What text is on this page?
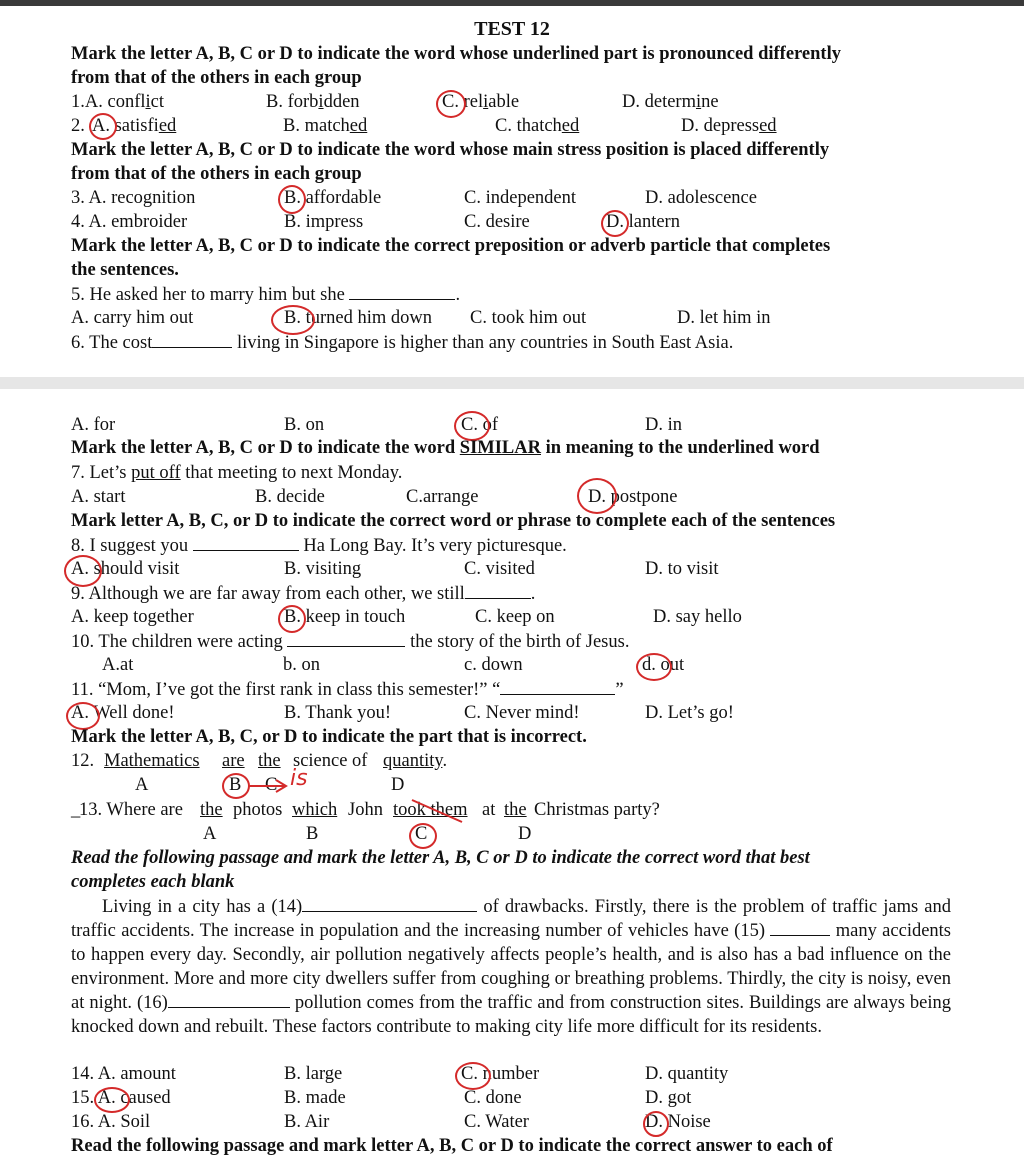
TEST 12
Mark the letter A, B, C or D to indicate the word whose underlined part is pronounced differently
from that of the others in each group
1.A. conflict	B. forbidden	C. reliable	D. determine
2. A. satisfied	B. matched	C. thatched	D. depressed
Mark the letter A, B, C or D to indicate the word whose main stress position is placed differently
from that of the others in each group
3. A. recognition	B. affordable	C. independent	D. adolescence
4. A. embroider	B. impress	C. desire	D. lantern
Mark the letter A, B, C or D to indicate the correct preposition or adverb particle that completes
the sentences.
5. He asked her to marry him but she	.
A. carry him out	B. turned him down C. took him out	D. let him in
6. The cost	living in Singapore is higher than any countries in South East Asia.
A. for	B. on	C. of	D. in
Mark the letter A, B, C or D to indicate the word SIMILAR in meaning to the underlined word
7. Let’s put off that meeting to next Monday.
A. start	B. decide	C.arrange	D. postpone
Mark letter A, B, C, or D to indicate the correct word or phrase to complete each of the sentences
8. I suggest you	Ha Long Bay. It’s very picturesque.
A. should visit	B. visiting	C. visited	D. to visit
9. Although we are far away from each other, we still	.
A. keep together	B. keep in touch	C. keep on	D. say hello
10. The children were acting	the story of the birth of Jesus.
A.at	b. on	c. down	d. out
11. “Mom, I’ve got the first rank in class this semester!” “	”
A. Well done!	B. Thank you!	C. Never mind!	D. Let’s go!
Mark the letter A, B, C, or D to indicate the part that is incorrect.
12. Mathematics are the science of quantity.
A	B C	D
is
_
13. Where are the photos which John took them at the Christmas party?
A	B	C	D
Read the following passage and mark the letter A, B, C or D to indicate the correct word that best
completes each blank
Living in a city has a (14)	of drawbacks. Firstly, there is the problem of traffic jams and traffic accidents. The increase in population and the increasing number of vehicles have (15)	many accidents to happen every day. Secondly, air pollution negatively affects people’s health, and is also has a bad influence on the environment. More and more city dwellers suffer from coughing or breathing problems. Thirdly, the city is noisy, even at night. (16)	pollution comes from the traffic and from construction sites. Buildings are always being knocked down and rebuilt. These factors contribute to making city life more difficult for its residents.
14. A. amount	B. large	C. number	D. quantity
15. A. caused	B. made	C. done	D. got
16. A. Soil	B. Air	C. Water	D. Noise
Read the following passage and mark letter A, B, C or D to indicate the correct answer to each of
